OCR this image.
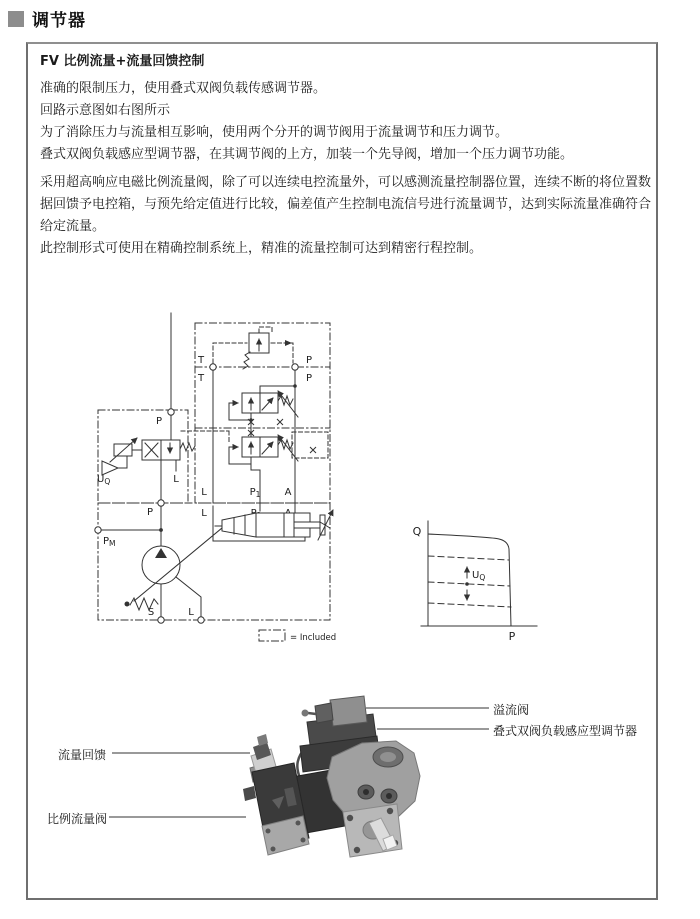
调节器
FV 比例流量+流量回馈控制

准确的限制压力，使用叠式双阀负载传感调节器。

回路示意图如右图所示

为了消除压力与流量相互影响，使用两个分开的调节阀用于流量调节和压力调节。

叠式双阀负载感应型调节器，在其调节阀的上方，加装一个先导阀，增加一个压力调节功能。

采用超高响应电磁比例流量阀，除了可以连续电控流量外，可以感测流量控制器位置，连续不断的将位置数据回馈予电控箱，与预先给定值进行比较，偏差值产生控制电流信号进行流量调节，达到实际流量准确符合给定流量。

此控制形式可使用在精确控制系统上，精准的流量控制可达到精密行程控制。

T
T
P
P
P
L
$U_Q$
P
$P_M$
S	L
L
L
$P_1$ A
= Included
Q
P
$U_Q$
溢流阀
叠式双阀负载感应型调节器
流量回馈
比例流量阀
